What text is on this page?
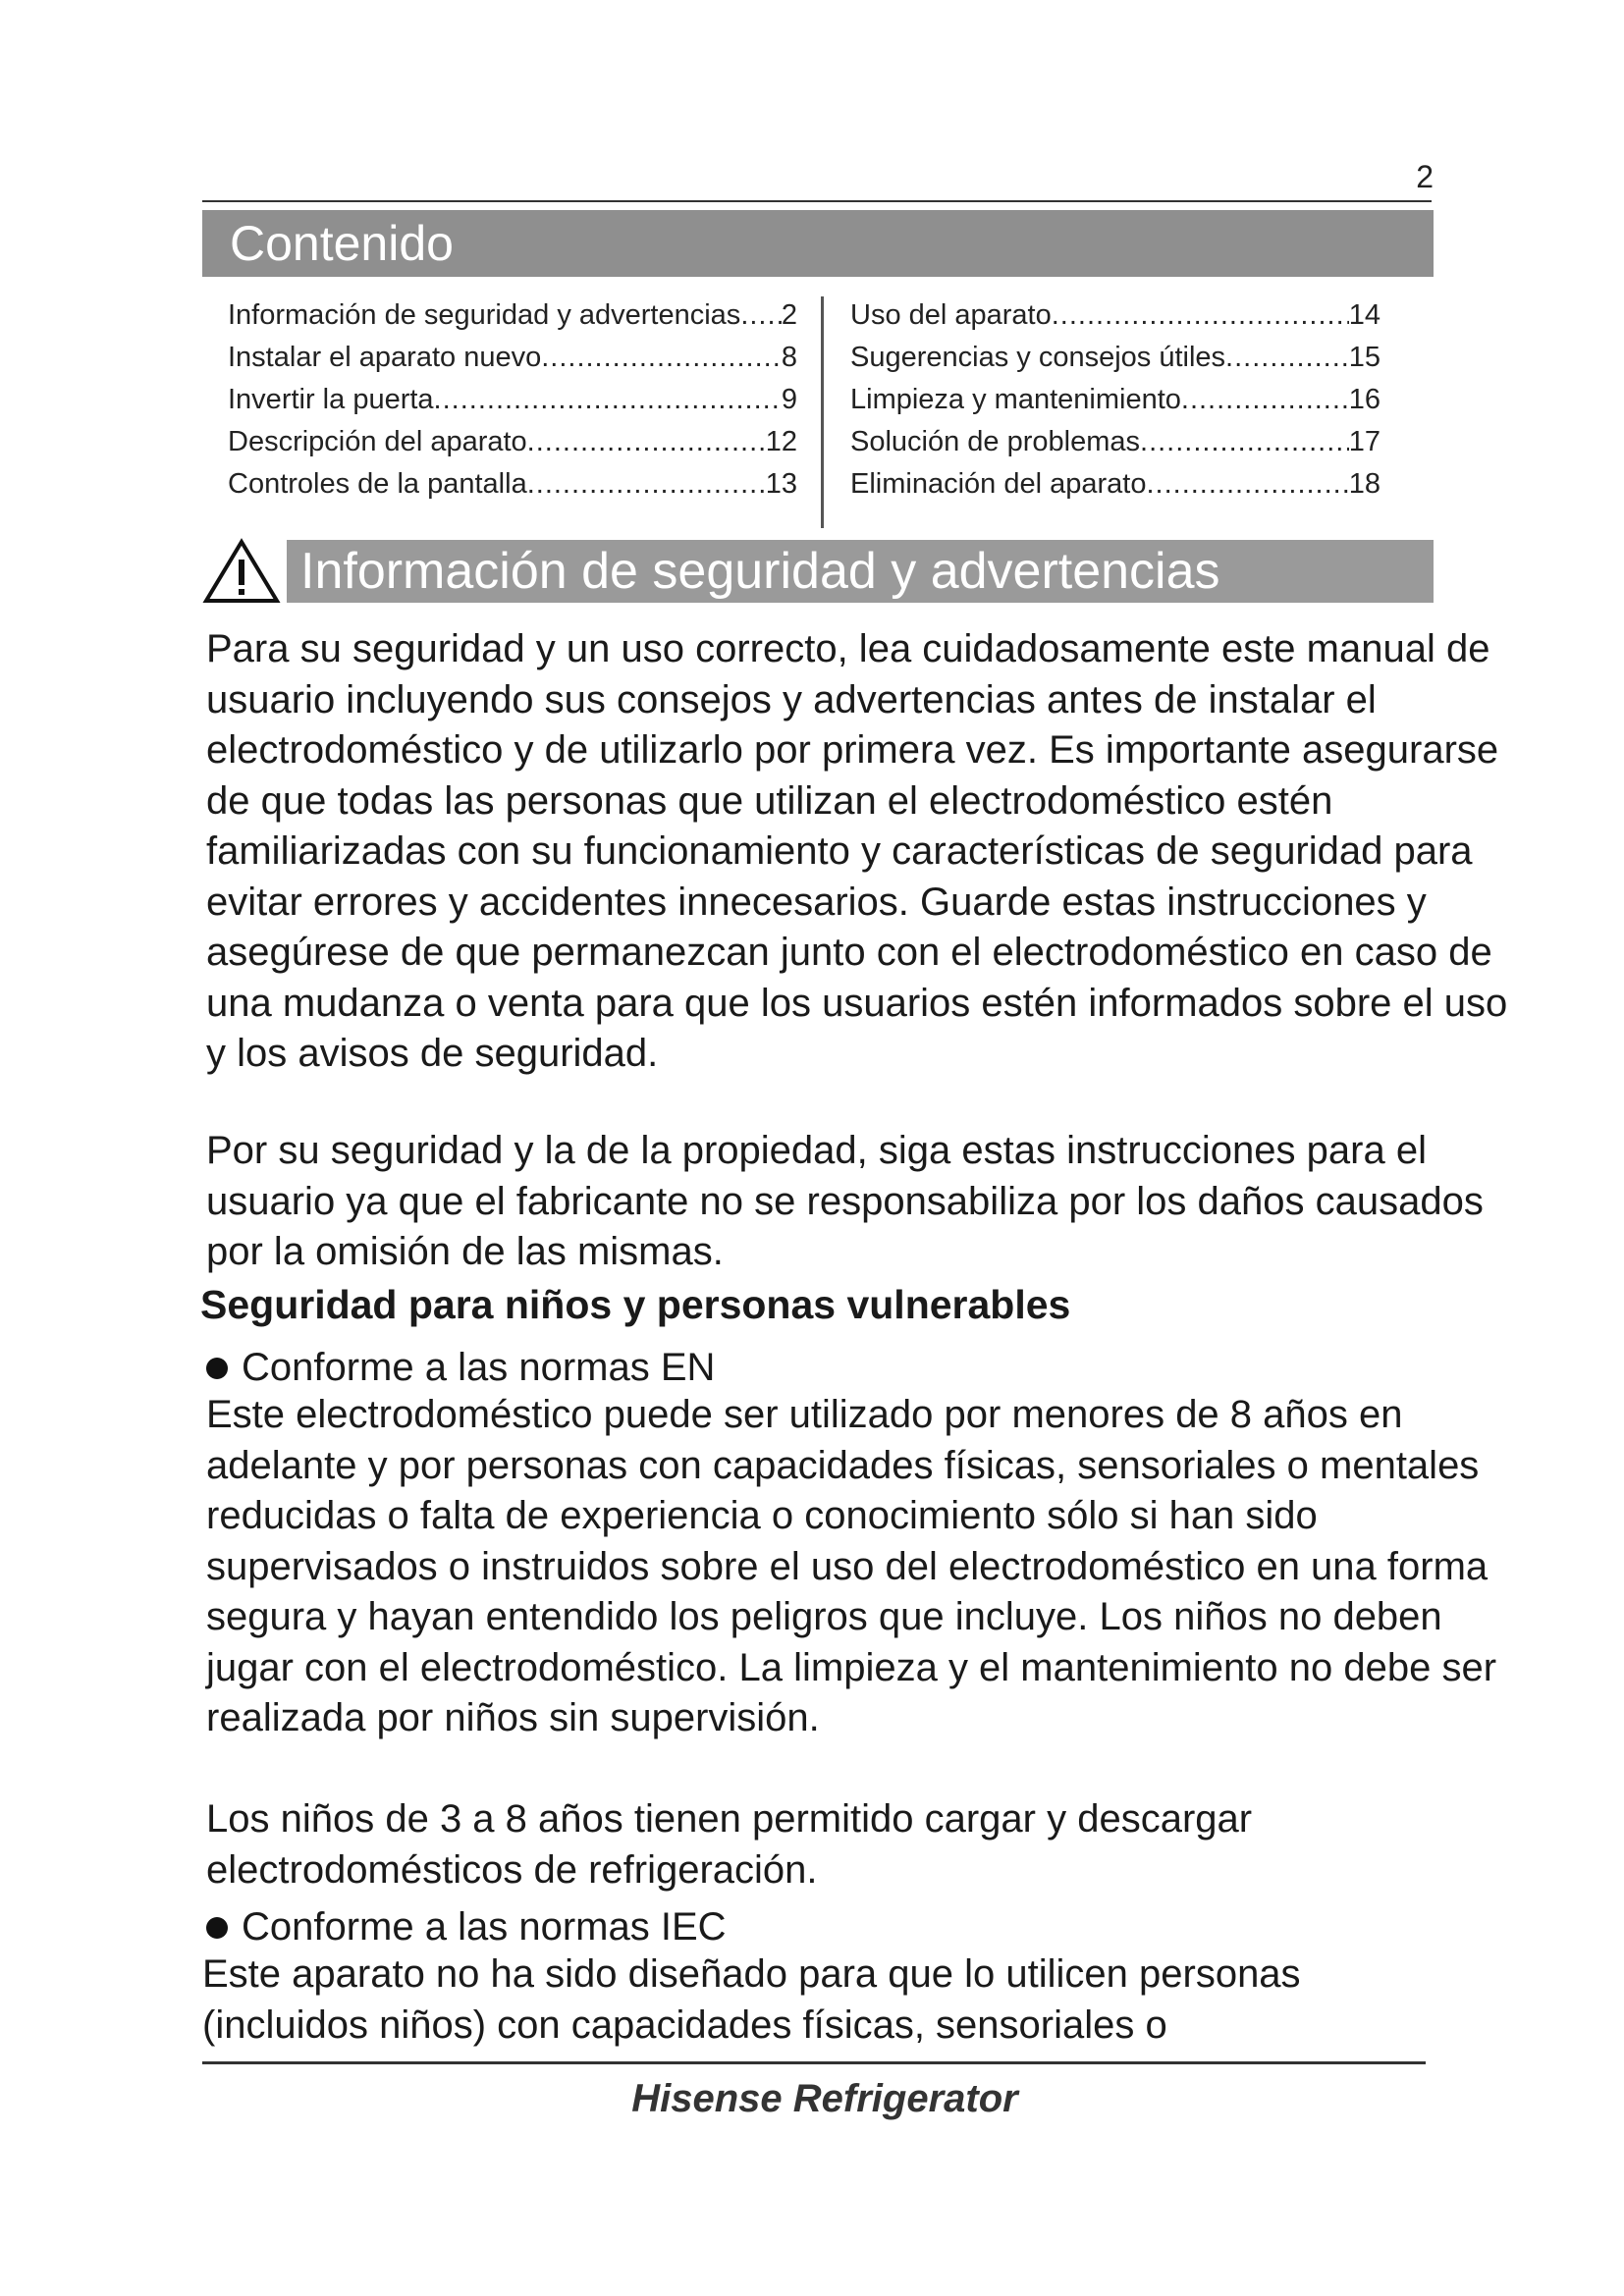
2
Contenido
Información de seguridad y advertencias ..... 2
Instalar el aparato nuevo .....	8
Invertir la puerta .....	9
Descripción del aparato .....	12
Controles de la pantalla .....	13
Uso del aparato .....	14
Sugerencias y consejos útiles .....	15
Limpieza y mantenimiento .....	16
Solución de problemas .....	17
Eliminación del aparato .....	18
Información de seguridad y advertencias
Para su seguridad y un uso correcto, lea cuidadosamente este manual de usuario incluyendo sus consejos y advertencias antes de instalar el electrodoméstico y de utilizarlo por primera vez. Es importante asegurarse de que todas las personas que utilizan el electrodoméstico estén familiarizadas con su funcionamiento y características de seguridad para evitar errores y accidentes innecesarios. Guarde estas instrucciones y asegúrese de que permanezcan junto con el electrodoméstico en caso de una mudanza o venta para que los usuarios estén informados sobre el uso y los avisos de seguridad.
Por su seguridad y la de la propiedad, siga estas instrucciones para el usuario ya que el fabricante no se responsabiliza por los daños causados por la omisión de las mismas.
Seguridad para niños y personas vulnerables
Conforme a las normas EN
Este electrodoméstico puede ser utilizado por menores de 8 años en adelante y por personas con capacidades físicas, sensoriales o mentales reducidas o falta de experiencia o conocimiento sólo si han sido supervisados o instruidos sobre el uso del electrodoméstico en una forma segura y hayan entendido los peligros que incluye. Los niños no deben jugar con el electrodoméstico. La limpieza y el mantenimiento no debe ser realizada por niños sin supervisión.
Los niños de 3 a 8 años tienen permitido cargar y descargar electrodomésticos de refrigeración.
Conforme a las normas IEC
Este aparato no ha sido diseñado para que lo utilicen personas (incluidos niños) con capacidades físicas, sensoriales o
Hisense Refrigerator
